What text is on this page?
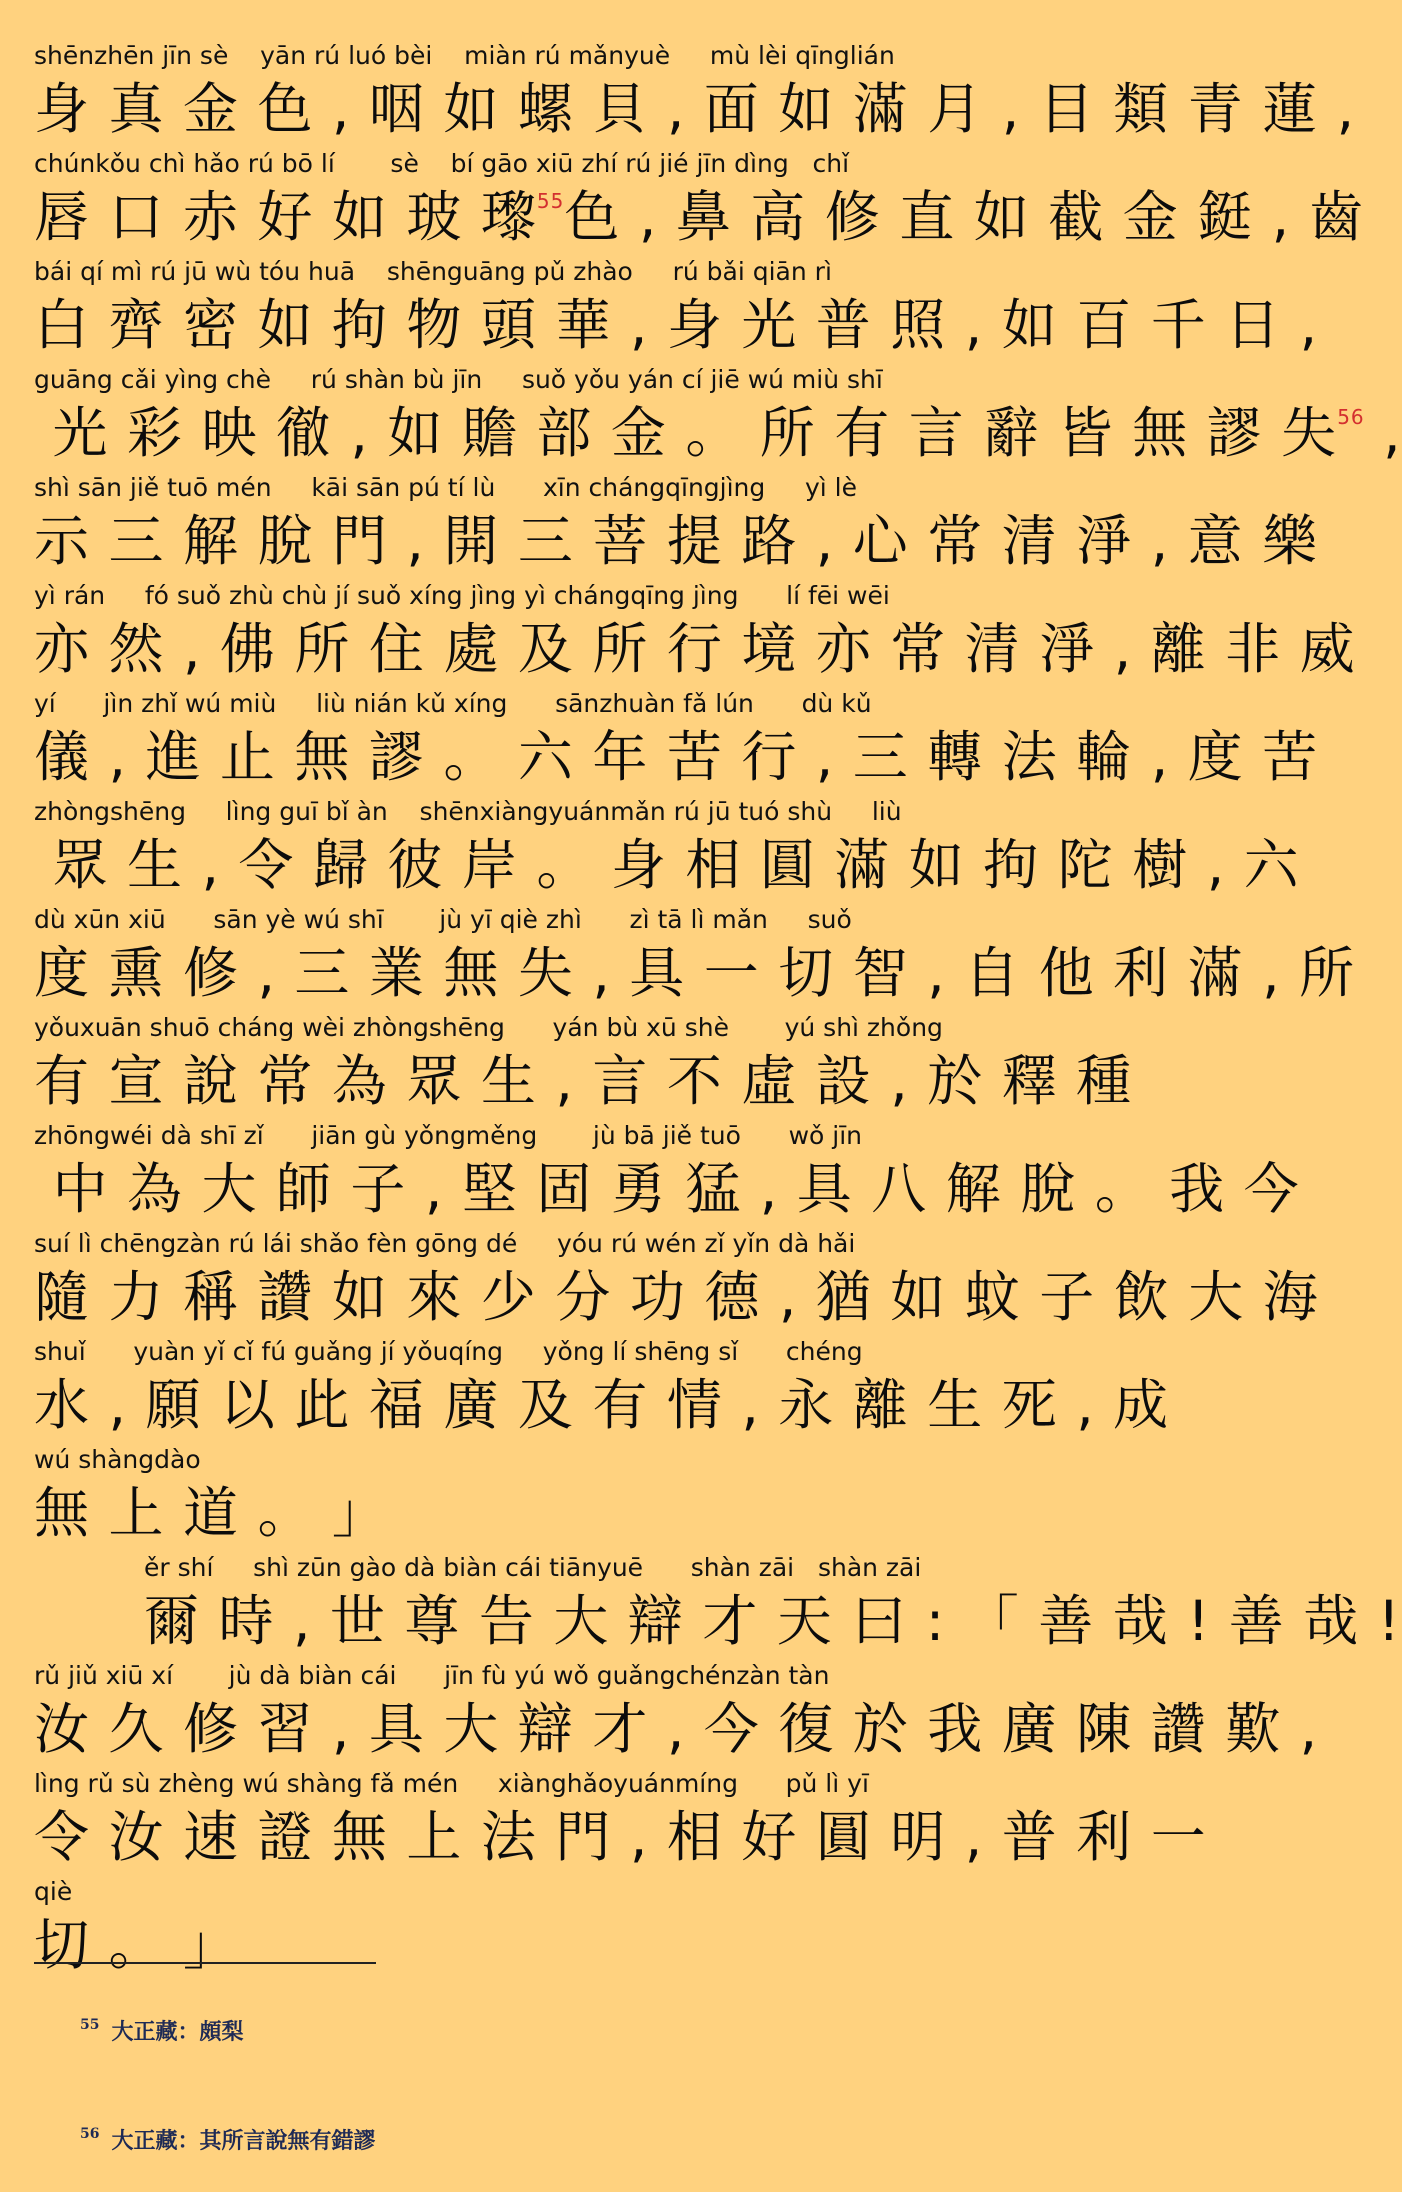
shēnzhēn jīn sè    yān rú luó bèi    miàn rú mǎnyuè     mù lèi qīnglián
身 真 金 色 , 咽 如 螺 貝 , 面 如 滿 月 , 目 類 青 蓮 ,
chúnkǒu chì hǎo rú bō lí       sè    bí gāo xiū zhí rú jié jīn dìng   chǐ
唇 口 赤 好 如 玻 瓈$^{55}$色 , 鼻 高 修 直 如 截 金 鋌 , 齒
bái qí mì rú jū wù tóu huā    shēnguāng pǔ zhào     rú bǎi qiān rì
白 齊 密 如 拘 物 頭 華 , 身 光 普 照 , 如 百 千 日 ,
guāng cǎi yìng chè     rú shàn bù jīn     suǒ yǒu yán cí jiē wú miù shī
光 彩 映 徹 , 如 贍 部 金 。 所 有 言 辭 皆 無 謬 失$^{56}$ ,
shì sān jiě tuō mén     kāi sān pú tí lù      xīn chángqīngjìng     yì lè
示 三 解 脫 門 , 開 三 菩 提 路 , 心 常 清 淨 , 意 樂
yì rán     fó suǒ zhù chù jí suǒ xíng jìng yì chángqīng jìng      lí fēi wēi
亦 然 , 佛 所 住 處 及 所 行 境 亦 常 清 淨 , 離 非 威
yí      jìn zhǐ wú miù     liù nián kǔ xíng      sānzhuàn fǎ lún      dù kǔ
儀 , 進 止 無 謬 。 六 年 苦 行 , 三 轉 法 輪 , 度 苦
zhòngshēng     lìng guī bǐ àn    shēnxiàngyuánmǎn rú jū tuó shù     liù
眾 生 , 令 歸 彼 岸 。 身 相 圓 滿 如 拘 陀 樹 , 六
dù xūn xiū      sān yè wú shī       jù yī qiè zhì      zì tā lì mǎn     suǒ
度 熏 修 , 三 業 無 失 , 具 一 切 智 , 自 他 利 滿 , 所
yǒuxuān shuō cháng wèi zhòngshēng      yán bù xū shè       yú shì zhǒng
有 宣 說 常 為 眾 生 , 言 不 虛 設 , 於 釋 種
zhōngwéi dà shī zǐ      jiān gù yǒngměng       jù bā jiě tuō      wǒ jīn
中 為 大 師 子 , 堅 固 勇 猛 , 具 八 解 脫 。 我 今
suí lì chēngzàn rú lái shǎo fèn gōng dé     yóu rú wén zǐ yǐn dà hǎi
隨 力 稱 讚 如 來 少 分 功 德 , 猶 如 蚊 子 飲 大 海
shuǐ      yuàn yǐ cǐ fú guǎng jí yǒuqíng     yǒng lí shēng sǐ      chéng
水 , 願 以 此 福 廣 及 有 情 , 永 離 生 死 , 成
wú shàngdào
無 上 道 。 」
ěr shí     shì zūn gào dà biàn cái tiānyuē      shàn zāi   shàn zāi
爾 時 , 世 尊 告 大 辯 才 天 曰 : 「 善 哉 ! 善 哉 !
rǔ jiǔ xiū xí       jù dà biàn cái      jīn fù yú wǒ guǎngchénzàn tàn
汝 久 修 習 , 具 大 辯 才 , 今 復 於 我 廣 陳 讚 歎 ,
lìng rǔ sù zhèng wú shàng fǎ mén     xiànghǎoyuánmíng      pǔ lì yī
令 汝 速 證 無 上 法 門 , 相 好 圓 明 , 普 利 一
qiè
切 。 」

$^{55}$ 大正藏：頗梨

$^{56}$ 大正藏：其所言說無有錯謬
